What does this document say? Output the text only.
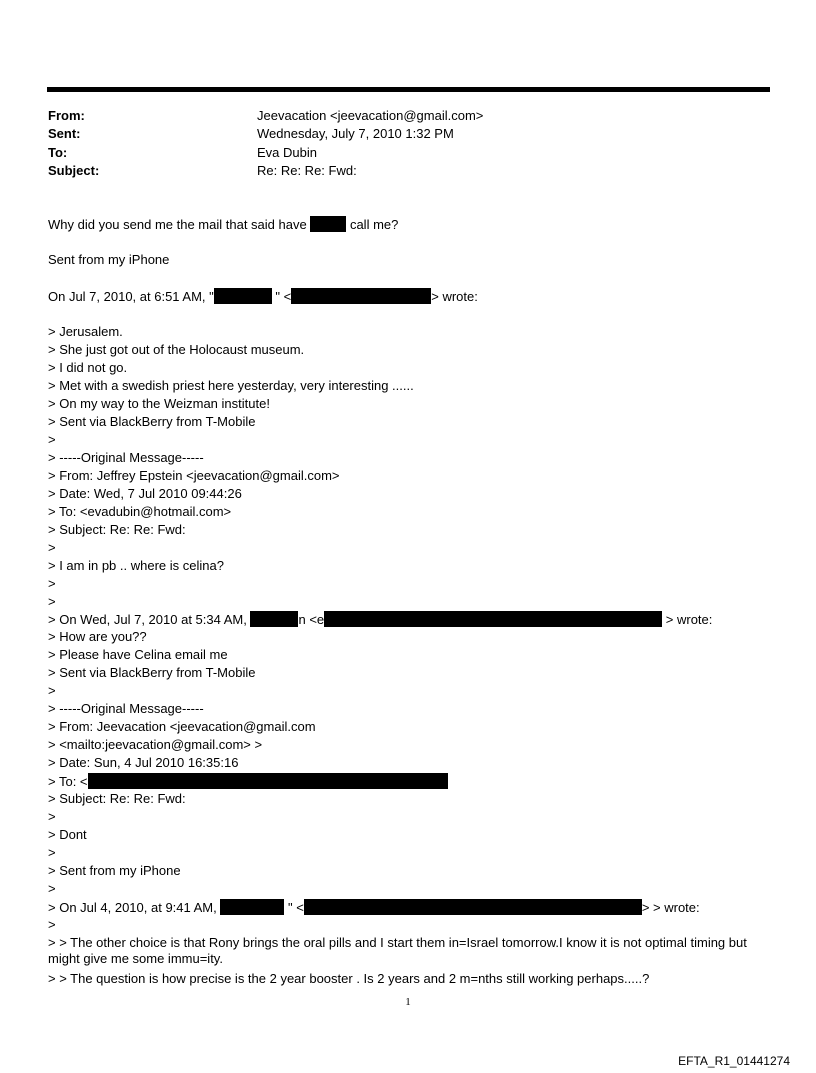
From:	Jeevacation <jeevacation@gmail.com>
Sent:	Wednesday, July 7, 2010 1:32 PM
To:	Eva Dubin
Subject:	Re: Re: Re: Fwd:
Why did you send me the mail that said have	call me?
Sent from my iPhone
On Jul 7, 2010, at 6:51 AM, "	" <	> wrote:
> Jerusalem.
> She just got out of the Holocaust museum.
> I did not go.
> Met with a swedish priest here yesterday, very interesting ......
> On my way to the Weizman institute!
> Sent via BlackBerry from T-Mobile
>
> -----Original Message-----
> From: Jeffrey Epstein <jeevacation@gmail.com>
> Date: Wed, 7 Jul 2010 09:44:26
> To: <evadubin@hotmail.com>
> Subject: Re: Re: Fwd:
>
> I am in pb .. where is celina?
>
>
> On Wed, Jul 7, 2010 at 5:34 AM,	n <e	> wrote:
> How are you??
> Please have Celina email me
> Sent via BlackBerry from T-Mobile
>
> -----Original Message-----
> From: Jeevacation <jeevacation@gmail.com
> <mailto:jeevacation@gmail.com> >
> Date: Sun, 4 Jul 2010 16:35:16
> To: <
> Subject: Re: Re: Fwd:
>
> Dont
>
> Sent from my iPhone
>
> On Jul 4, 2010, at 9:41 AM,	" <	> > wrote:
>
> > The other choice is that Rony brings the oral pills and I start them in=Israel tomorrow.I know it is not optimal timing but might give me some immu=ity.
> > The question is how precise is the 2 year booster . Is 2 years and 2 m=nths still working perhaps.....?
1
EFTA_R1_01441274
